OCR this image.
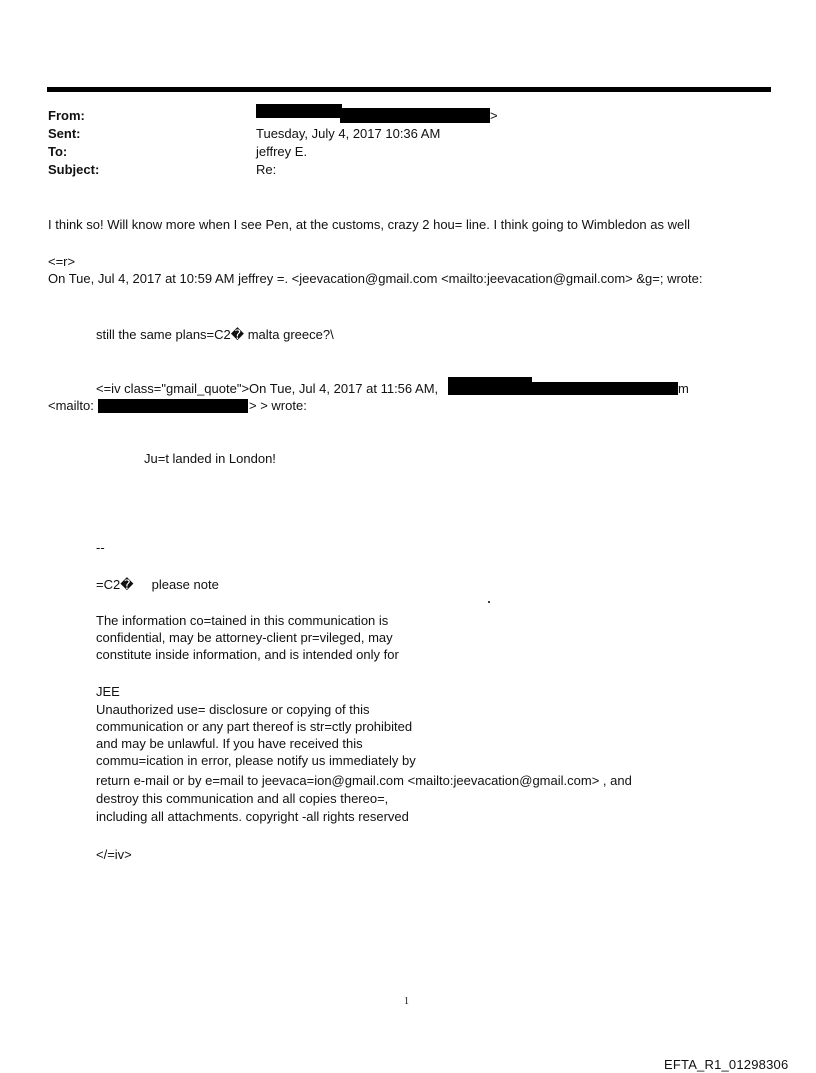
From:
Sent:
To:
Subject:
>
Tuesday, July 4, 2017 10:36 AM
jeffrey E.
Re:
I think so! Will know more when I see Pen, at the customs, crazy 2 hou= line. I think going to Wimbledon as well
<=r>
On Tue, Jul 4, 2017 at 10:59 AM jeffrey =. <jeevacation@gmail.com <mailto:jeevacation@gmail.com> &g=; wrote:
still the same plans=C2� malta greece?\
<=iv class="gmail_quote">On Tue, Jul 4, 2017 at 11:56 AM,	m
<mailto:	> > wrote:
Ju=t landed in London!
--
=C2�     please note
The information co=tained in this communication is
confidential, may be attorney-client pr=vileged, may
constitute inside information, and is intended only for
JEE
Unauthorized use= disclosure or copying of this
communication or any part thereof is str=ctly prohibited
and may be unlawful. If you have received this
commu=ication in error, please notify us immediately by
return e-mail or by e=mail to jeevaca=ion@gmail.com <mailto:jeevacation@gmail.com> , and
destroy this communication and all copies thereo=,
including all attachments. copyright -all rights reserved
</=iv>
1
EFTA_R1_01298306
